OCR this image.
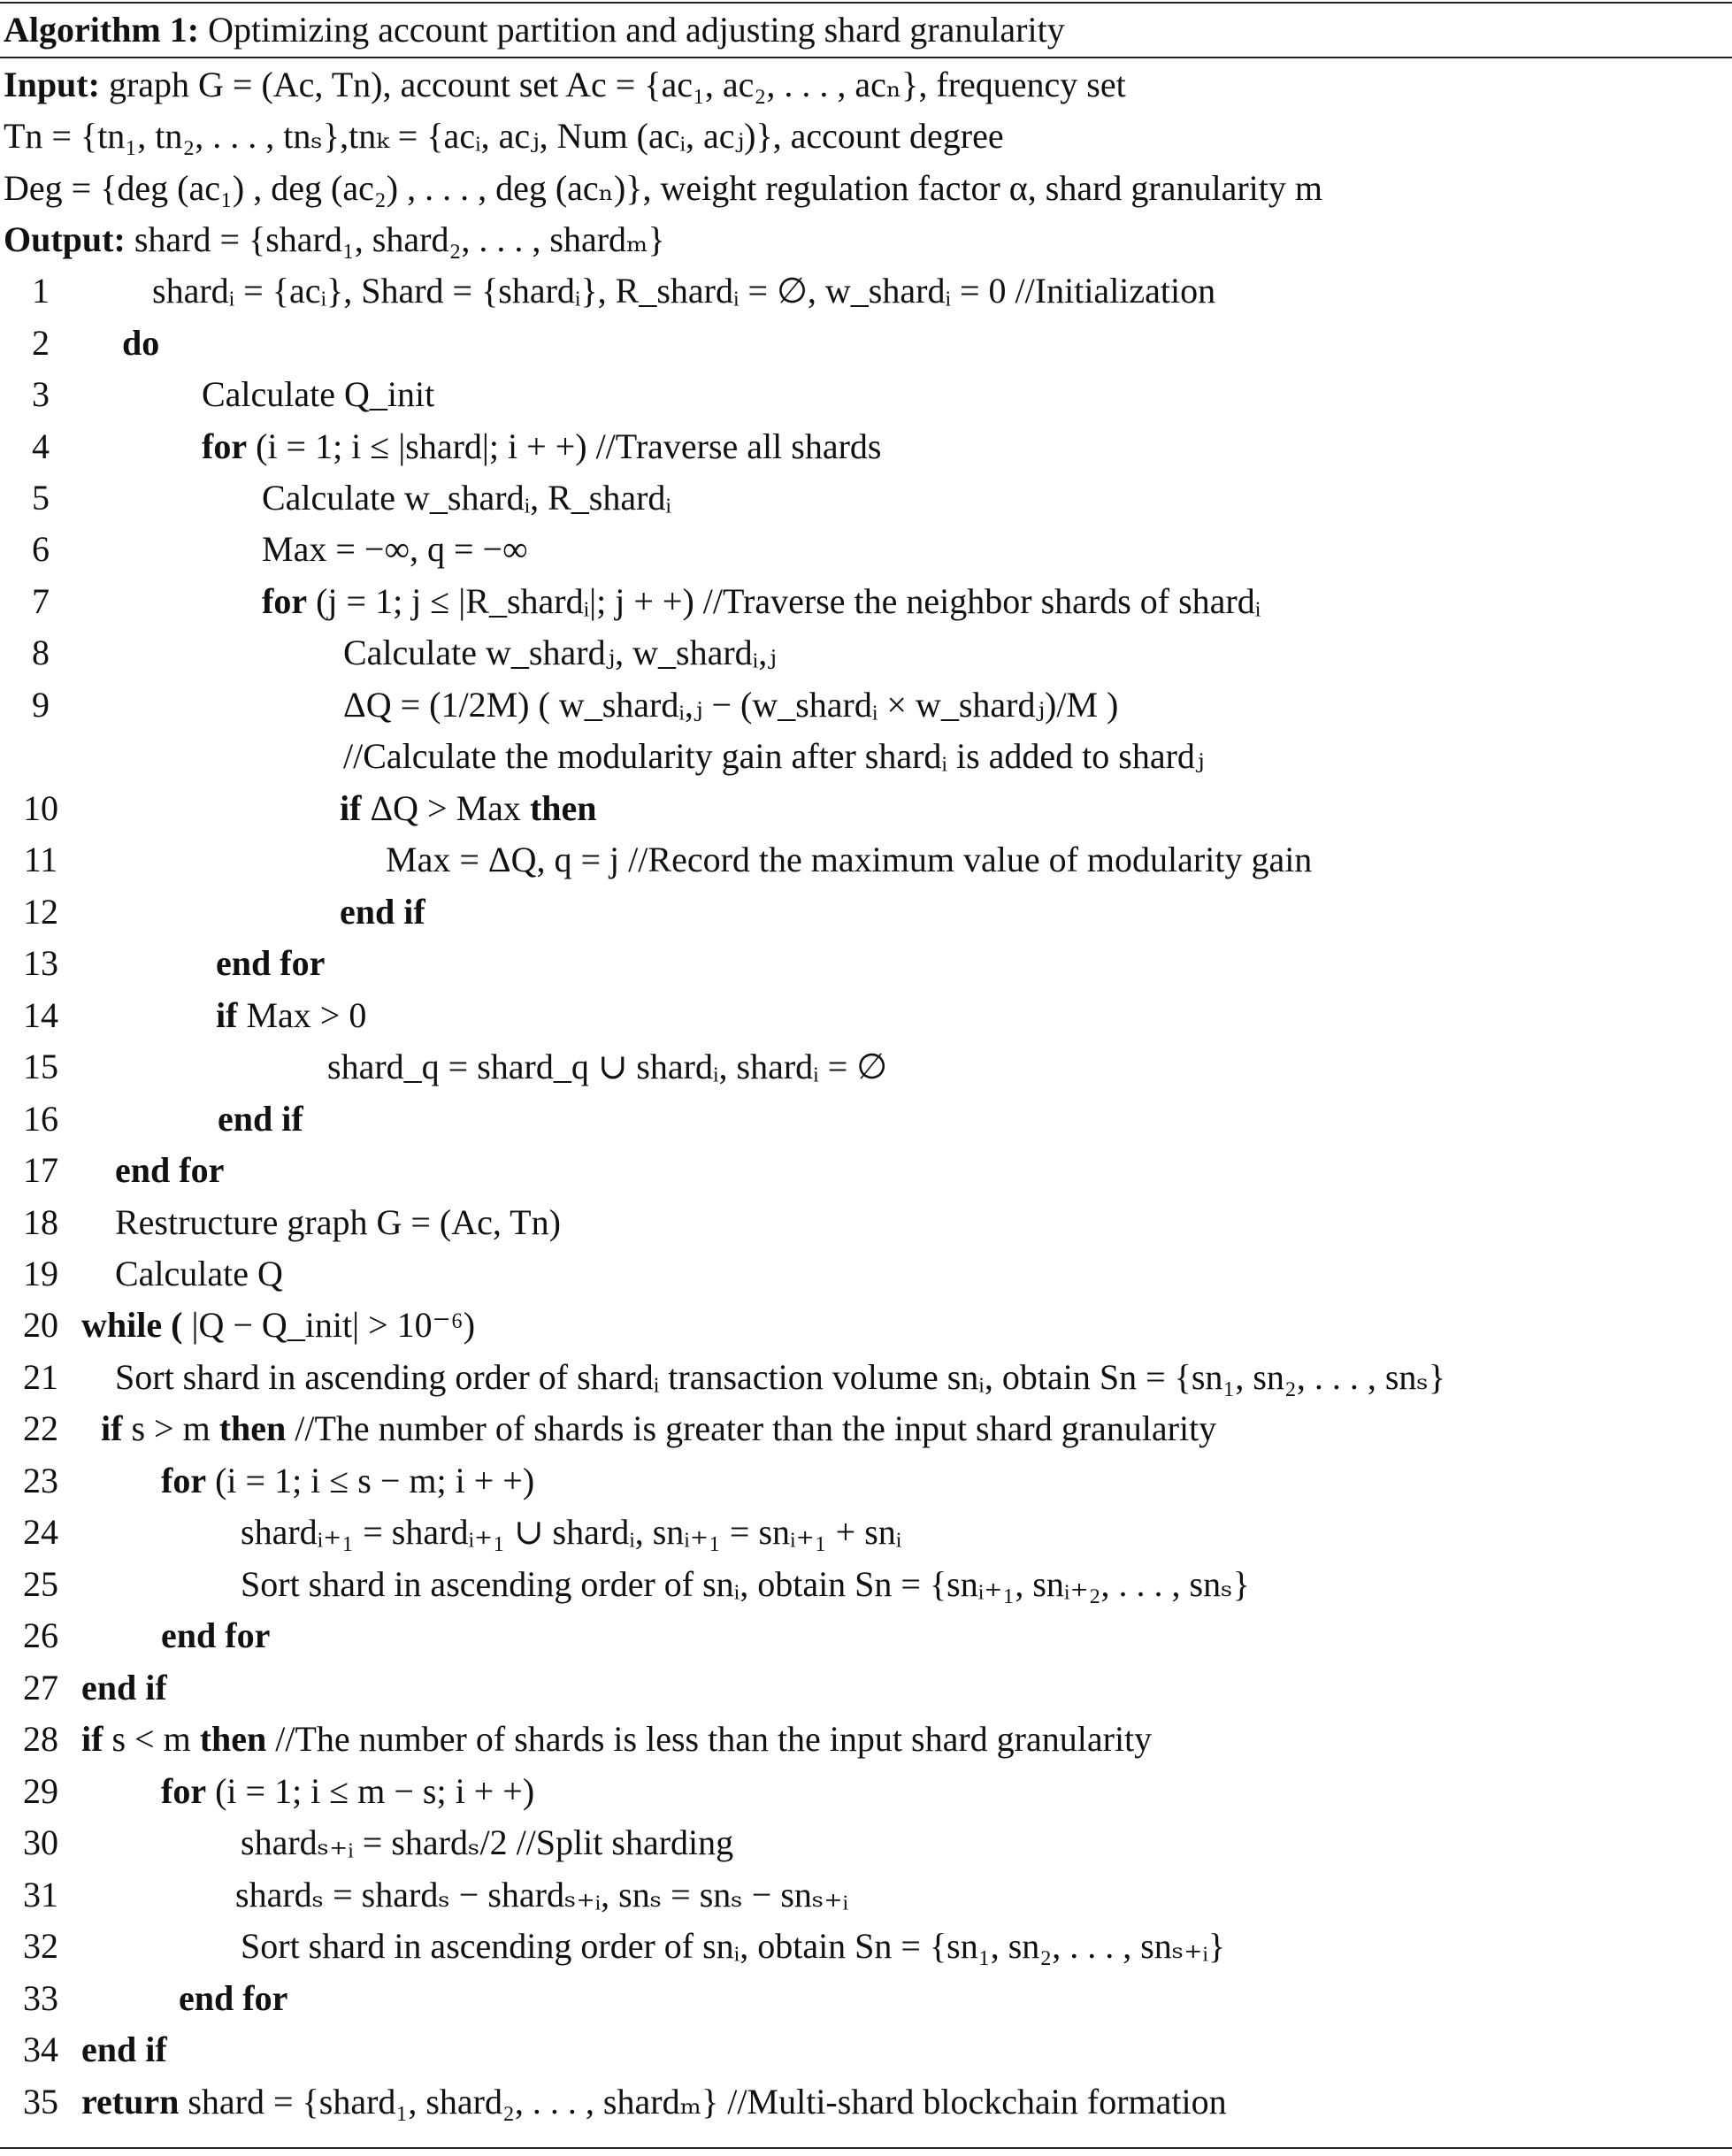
Algorithm 1: Optimizing account partition and adjusting shard granularity
Input: graph G = (Ac, Tn), account set Ac = {ac₁, ac₂, . . . , acₙ}, frequency set
Tn = {tn₁, tn₂, . . . , tnₛ},tnₖ = {acᵢ, acⱼ, Num (acᵢ, acⱼ)}, account degree
Deg = {deg (ac₁) , deg (ac₂) , . . . , deg (acₙ)}, weight regulation factor α, shard granularity m
Output: shard = {shard₁, shard₂, . . . , shardₘ}
1	shardᵢ = {acᵢ}, Shard = {shardᵢ}, R_shardᵢ = ∅, w_shardᵢ = 0 //Initialization
2 do
3	Calculate Q_init
4	for (i = 1; i ≤ |shard|; i + +) //Traverse all shards
5	Calculate w_shardᵢ, R_shardᵢ
6	Max = −∞, q = −∞
7	for (j = 1; j ≤ |R_shardᵢ|; j + +) //Traverse the neighbor shards of shardᵢ
8	Calculate w_shardⱼ, w_shardᵢ,ⱼ
9	ΔQ = (1/2M) ( w_shardᵢ,ⱼ − (w_shardᵢ × w_shardⱼ)/M )
//Calculate the modularity gain after shardᵢ is added to shardⱼ
10	if ΔQ > Max then
11	Max = ΔQ, q = j //Record the maximum value of modularity gain
12	end if
13	end for
14	if Max > 0
15	shard_q = shard_q ∪ shardᵢ, shardᵢ = ∅
16	end if
17 end for
18 Restructure graph G = (Ac, Tn)
19 Calculate Q
20 while ( |Q − Q_init| > 10⁻⁶)
21 Sort shard in ascending order of shardᵢ transaction volume snᵢ, obtain Sn = {sn₁, sn₂, . . . , snₛ}
22 if s > m then //The number of shards is greater than the input shard granularity
23	for (i = 1; i ≤ s − m; i + +)
24	shardᵢ₊₁ = shardᵢ₊₁ ∪ shardᵢ, snᵢ₊₁ = snᵢ₊₁ + snᵢ
25	Sort shard in ascending order of snᵢ, obtain Sn = {snᵢ₊₁, snᵢ₊₂, . . . , snₛ}
26	end for
27 end if
28 if s < m then //The number of shards is less than the input shard granularity
29	for (i = 1; i ≤ m − s; i + +)
30	shardₛ₊ᵢ = shardₛ/2 //Split sharding
31	shardₛ = shardₛ − shardₛ₊ᵢ, snₛ = snₛ − snₛ₊ᵢ
32	Sort shard in ascending order of snᵢ, obtain Sn = {sn₁, sn₂, . . . , snₛ₊ᵢ}
33	end for
34 end if
35 return shard = {shard₁, shard₂, . . . , shardₘ} //Multi-shard blockchain formation
